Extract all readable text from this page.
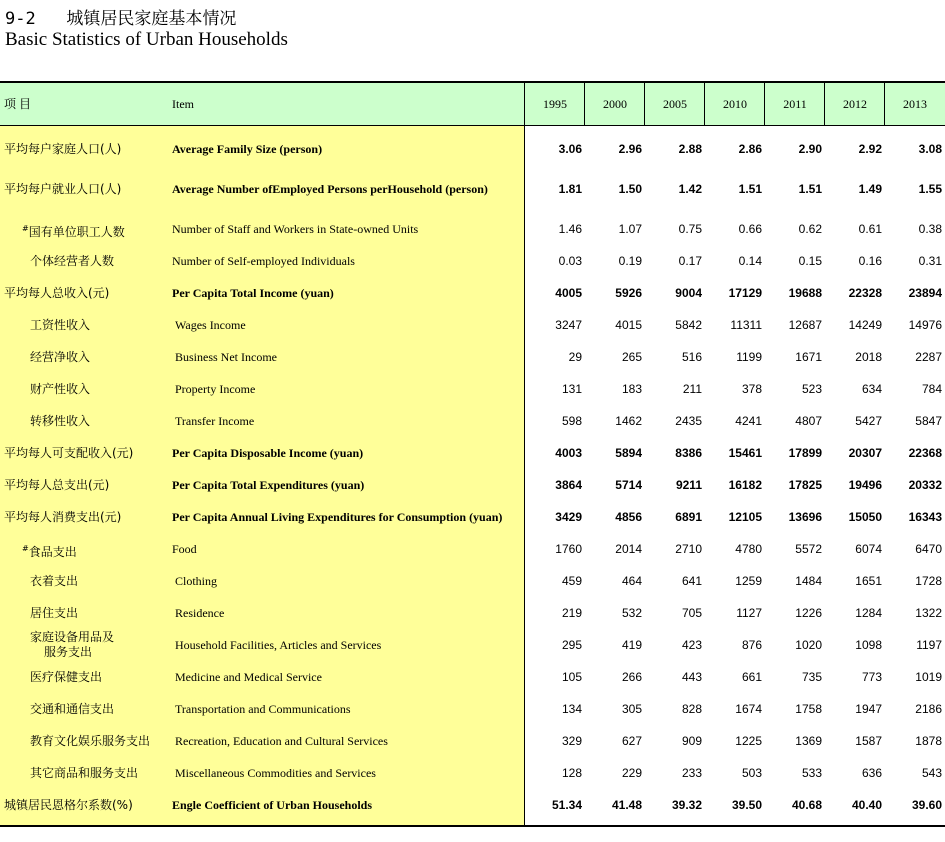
9-2   城镇居民家庭基本情况
Basic Statistics of Urban Households
项 目	Item	1995	2000	2005	2010	2011	2012	2013
平均每户家庭人口(人)	Average Family Size (person)	3.06	2.96	2.88	2.86	2.90	2.92	3.08
平均每户就业人口(人)	Average Number ofEmployed Persons perHousehold (person)	1.81	1.50	1.42	1.51	1.51	1.49	1.55
#国有单位职工人数	Number of Staff and Workers in State-owned Units	1.46	1.07	0.75	0.66	0.62	0.61	0.38
个体经营者人数	Number of Self-employed Individuals	0.03	0.19	0.17	0.14	0.15	0.16	0.31
平均每人总收入(元)	Per Capita Total Income (yuan)	4005	5926	9004	17129	19688	22328	23894
工资性收入	Wages Income	3247	4015	5842	11311	12687	14249	14976
经营净收入	Business Net Income	29	265	516	1199	1671	2018	2287
财产性收入	Property Income	131	183	211	378	523	634	784
转移性收入	Transfer Income	598	1462	2435	4241	4807	5427	5847
平均每人可支配收入(元)	Per Capita Disposable Income (yuan)	4003	5894	8386	15461	17899	20307	22368
平均每人总支出(元)	Per Capita Total Expenditures (yuan)	3864	5714	9211	16182	17825	19496	20332
平均每人消费支出(元)	Per Capita Annual Living Expenditures for Consumption (yuan)	3429	4856	6891	12105	13696	15050	16343
#食品支出	Food	1760	2014	2710	4780	5572	6074	6470
衣着支出	Clothing	459	464	641	1259	1484	1651	1728
居住支出	Residence	219	532	705	1127	1226	1284	1322
家庭设备用品及
服务支出	Household Facilities, Articles and Services	295	419	423	876	1020	1098	1197
医疗保健支出	Medicine and Medical Service	105	266	443	661	735	773	1019
交通和通信支出	Transportation and Communications	134	305	828	1674	1758	1947	2186
教育文化娱乐服务支出 Recreation, Education and Cultural Services	329	627	909	1225	1369	1587	1878
其它商品和服务支出	Miscellaneous Commodities and Services	128	229	233	503	533	636	543
城镇居民恩格尔系数(%)	Engle Coefficient of Urban Households	51.34	41.48	39.32	39.50	40.68	40.40	39.60
